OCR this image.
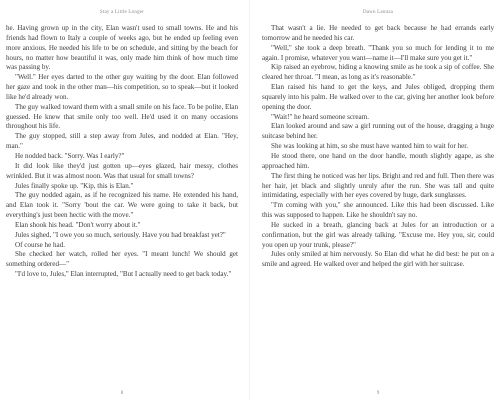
Stay a Little Longer

he. Having grown up in the city, Elan wasn't used to small towns. He and his friends had flown to Italy a couple of weeks ago, but he ended up feeling even more anxious. He needed his life to be on schedule, and sitting by the beach for hours, no matter how beautiful it was, only made him think of how much time was passing by.

"Well." Her eyes darted to the other guy waiting by the door. Elan followed her gaze and took in the other man—his competition, so to speak—but it looked like he'd already won.

The guy walked toward them with a small smile on his face. To be polite, Elan guessed. He knew that smile only too well. He'd used it on many occasions throughout his life.

The guy stopped, still a step away from Jules, and nodded at Elan. "Hey, man."

He nodded back. "Sorry. Was I early?"

It did look like they'd just gotten up—eyes glazed, hair messy, clothes wrinkled. But it was almost noon. Was that usual for small towns?

Jules finally spoke up. "Kip, this is Elan."

The guy nodded again, as if he recognized his name. He extended his hand, and Elan took it. "Sorry 'bout the car. We were going to take it back, but everything's just been hectic with the move."

Elan shook his head. "Don't worry about it."

Jules sighed, "I owe you so much, seriously. Have you had breakfast yet?"

Of course he had.

She checked her watch, rolled her eyes. "I meant lunch! We should get something ordered—"

"I'd love to, Jules," Elan interrupted, "But I actually need to get back today."

8
Dawn Lanuza

That wasn't a lie. He needed to get back because he had errands early tomorrow and he needed his car.

"Well," she took a deep breath. "Thank you so much for lending it to me again. I promise, whatever you want—name it—I'll make sure you get it."

Kip raised an eyebrow, hiding a knowing smile as he took a sip of coffee. She cleared her throat. "I mean, as long as it's reasonable."

Elan raised his hand to get the keys, and Jules obliged, dropping them squarely into his palm. He walked over to the car, giving her another look before opening the door.

"Wait!" he heard someone scream.

Elan looked around and saw a girl running out of the house, dragging a huge suitcase behind her.

She was looking at him, so she must have wanted him to wait for her.

He stood there, one hand on the door handle, mouth slightly agape, as she approached him.

The first thing he noticed was her lips. Bright and red and full. Then there was her hair, jet black and slightly unruly after the run. She was tall and quite intimidating, especially with her eyes covered by huge, dark sunglasses.

"I'm coming with you," she announced. Like this had been discussed. Like this was supposed to happen. Like he shouldn't say no.

He sucked in a breath, glancing back at Jules for an introduction or a confirmation, but the girl was already talking. "Excuse me. Hey you, sir, could you open up your trunk, please?"

Jules only smiled at him nervously. So Elan did what he did best: he put on a smile and agreed. He walked over and helped the girl with her suitcase.

9
